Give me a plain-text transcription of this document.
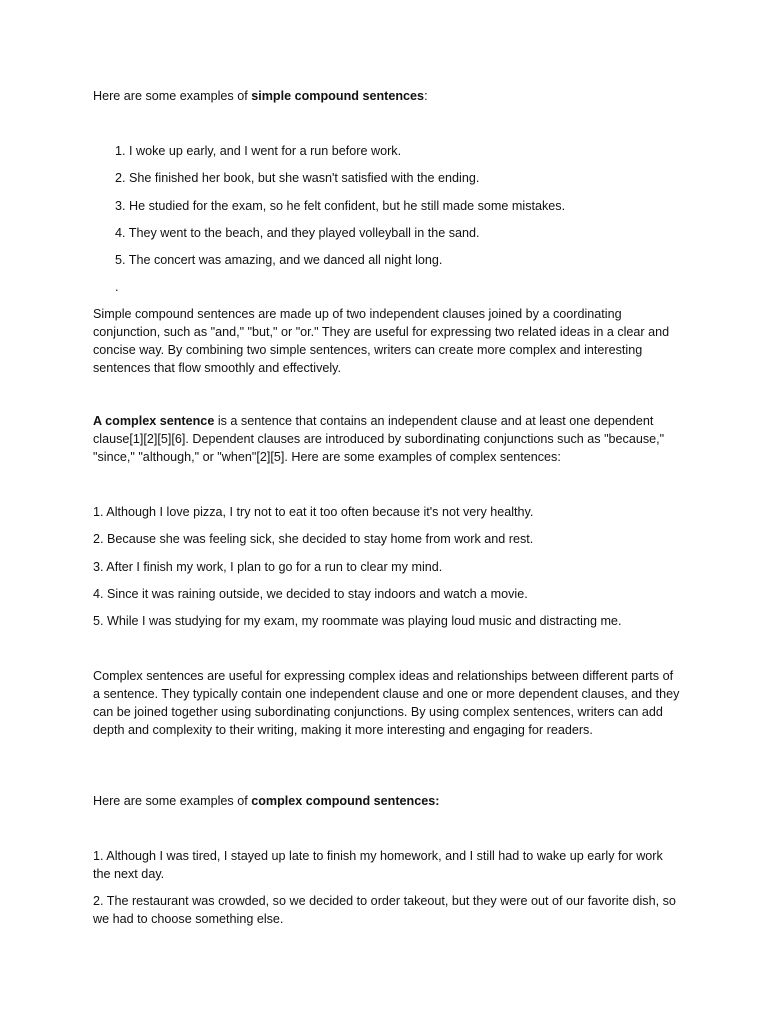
Here are some examples of simple compound sentences:

1. I woke up early, and I went for a run before work.
2. She finished her book, but she wasn't satisfied with the ending.
3. He studied for the exam, so he felt confident, but he still made some mistakes.
4. They went to the beach, and they played volleyball in the sand.
5. The concert was amazing, and we danced all night long.
.

Simple compound sentences are made up of two independent clauses joined by a coordinating conjunction, such as "and," "but," or "or." They are useful for expressing two related ideas in a clear and concise way. By combining two simple sentences, writers can create more complex and interesting sentences that flow smoothly and effectively.

A complex sentence is a sentence that contains an independent clause and at least one dependent clause[1][2][5][6]. Dependent clauses are introduced by subordinating conjunctions such as "because," "since," "although," or "when"[2][5]. Here are some examples of complex sentences:

1. Although I love pizza, I try not to eat it too often because it's not very healthy.
2. Because she was feeling sick, she decided to stay home from work and rest.
3. After I finish my work, I plan to go for a run to clear my mind.
4. Since it was raining outside, we decided to stay indoors and watch a movie.
5. While I was studying for my exam, my roommate was playing loud music and distracting me.

Complex sentences are useful for expressing complex ideas and relationships between different parts of a sentence. They typically contain one independent clause and one or more dependent clauses, and they can be joined together using subordinating conjunctions. By using complex sentences, writers can add depth and complexity to their writing, making it more interesting and engaging for readers.

Here are some examples of complex compound sentences:

1. Although I was tired, I stayed up late to finish my homework, and I still had to wake up early for work the next day.
2. The restaurant was crowded, so we decided to order takeout, but they were out of our favorite dish, so we had to choose something else.
